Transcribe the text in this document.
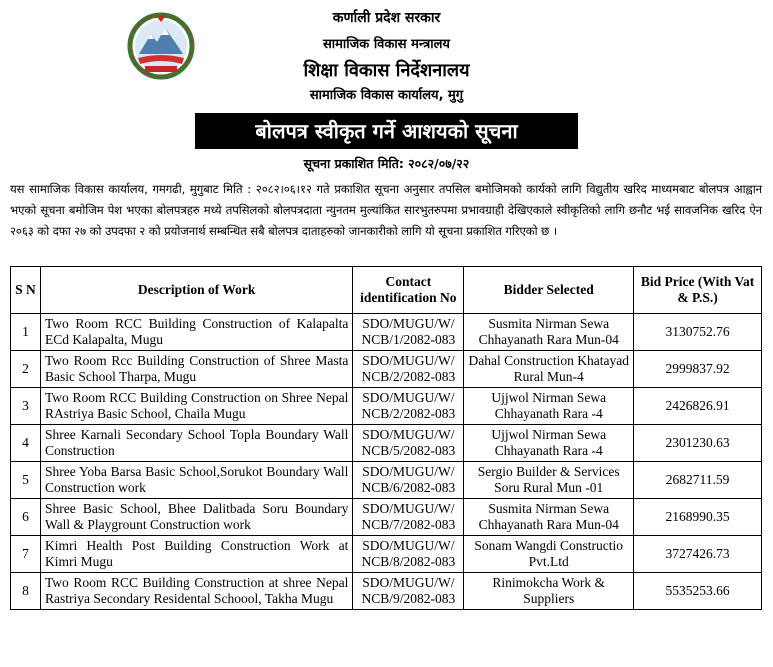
कर्णाली प्रदेश सरकार
सामाजिक विकास मन्त्रालय
शिक्षा विकास निर्देशनालय
सामाजिक विकास कार्यालय, मुगु
बोलपत्र स्वीकृत गर्ने आशयको सूचना
सूचना प्रकाशित मिति: २०८२/०७/२२
यस सामाजिक विकास कार्यालय, गमगढी, मुगुबाट मिति : २०८२।०६।१२ गते प्रकाशित सूचना अनुसार तपसिल बमोजिमको कार्यको लागि विद्युतीय खरिद माध्यमबाट बोलपत्र आह्वान भएको सूचना बमोजिम पेश भएका बोलपत्रहरु मध्ये तपसिलको बोलपत्रदाता न्युनतम मुल्यांकित सारभुतरुपमा प्रभावग्राही देखिएकाले स्वीकृतिको लागि छनौट भई सावजनिक खरिद ऐन २०६३ को दफा २७ को उपदफा २ को प्रयोजनार्थ सम्बन्धित सबै बोलपत्र दाताहरुको जानकारीको लागि यो सूचना प्रकाशित गरिएको छ ।
S N	Description of Work	Contact identification No	Bidder Selected	Bid Price (With Vat & P.S.)
1	Two Room RCC Building Construction of Kalapalta ECd Kalapalta, Mugu	SDO/MUGU/W/ NCB/1/2082-083	Susmita Nirman Sewa Chhayanath Rara Mun-04	3130752.76
2	Two Room Rcc Building Construction of Shree Masta Basic School Tharpa, Mugu	SDO/MUGU/W/ NCB/2/2082-083	Dahal Construction Khatayad Rural Mun-4	2999837.92
3	Two Room RCC Building Construction on Shree Nepal RAstriya Basic School, Chaila Mugu	SDO/MUGU/W/ NCB/2/2082-083	Ujjwol Nirman Sewa Chhayanath Rara -4	2426826.91
4	Shree Karnali Secondary School Topla Boundary Wall Construction	SDO/MUGU/W/ NCB/5/2082-083	Ujjwol Nirman Sewa Chhayanath Rara -4	2301230.63
5	Shree Yoba Barsa Basic School,Sorukot Boundary Wall Construction work	SDO/MUGU/W/ NCB/6/2082-083	Sergio Builder & Services Soru Rural Mun -01	2682711.59
6	Shree Basic School, Bhee Dalitbada Soru Boundary Wall & Playgrount Construction work	SDO/MUGU/W/ NCB/7/2082-083	Susmita Nirman Sewa Chhayanath Rara Mun-04	2168990.35
7	Kimri Health Post Building Construction Work at Kimri Mugu	SDO/MUGU/W/ NCB/8/2082-083	Sonam Wangdi Constructio Pvt.Ltd	3727426.73
8	Two Room RCC Building Construction at shree Nepal Rastriya Secondary Residental Schoool, Takha Mugu	SDO/MUGU/W/ NCB/9/2082-083	Rinimokcha Work & Suppliers	5535253.66
